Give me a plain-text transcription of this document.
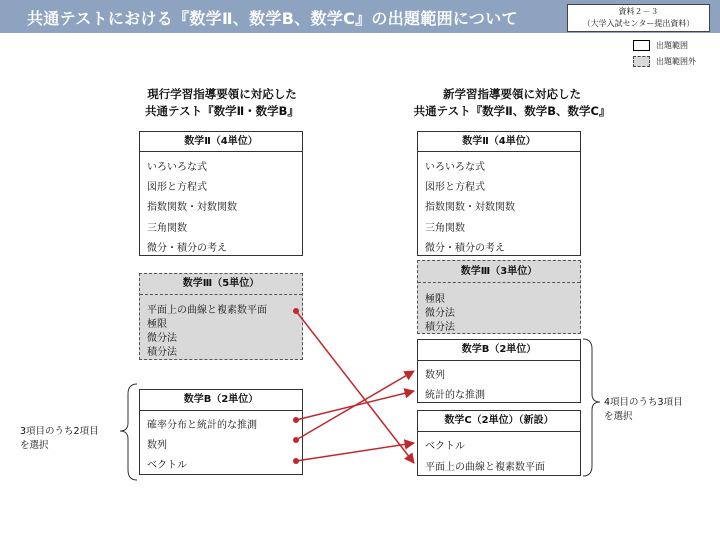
共通テストにおける『数学Ⅱ、数学B、数学C』の出題範囲について	資料２－３
（大学入試センター提出資料）
出題範囲
出題範囲外
現行学習指導要領に対応した
共通テスト『数学Ⅱ・数学B』
新学習指導要領に対応した
共通テスト『数学Ⅱ、数学B、数学C』
数学Ⅱ（4単位）
いろいろな式
図形と方程式
指数関数・対数関数
三角関数
微分・積分の考え
数学Ⅲ（5単位）
平面上の曲線と複素数平面
極限
微分法
積分法
数学B（2単位）
確率分布と統計的な推測
数列
ベクトル
数学Ⅱ（4単位）
いろいろな式
図形と方程式
指数関数・対数関数
三角関数
微分・積分の考え
数学Ⅲ（3単位）
極限
微分法
積分法
数学B（2単位）
数列
統計的な推測
数学C（2単位）（新設）
ベクトル
平面上の曲線と複素数平面
3項目のうち2項目
を選択
4項目のうち3項目
を選択
